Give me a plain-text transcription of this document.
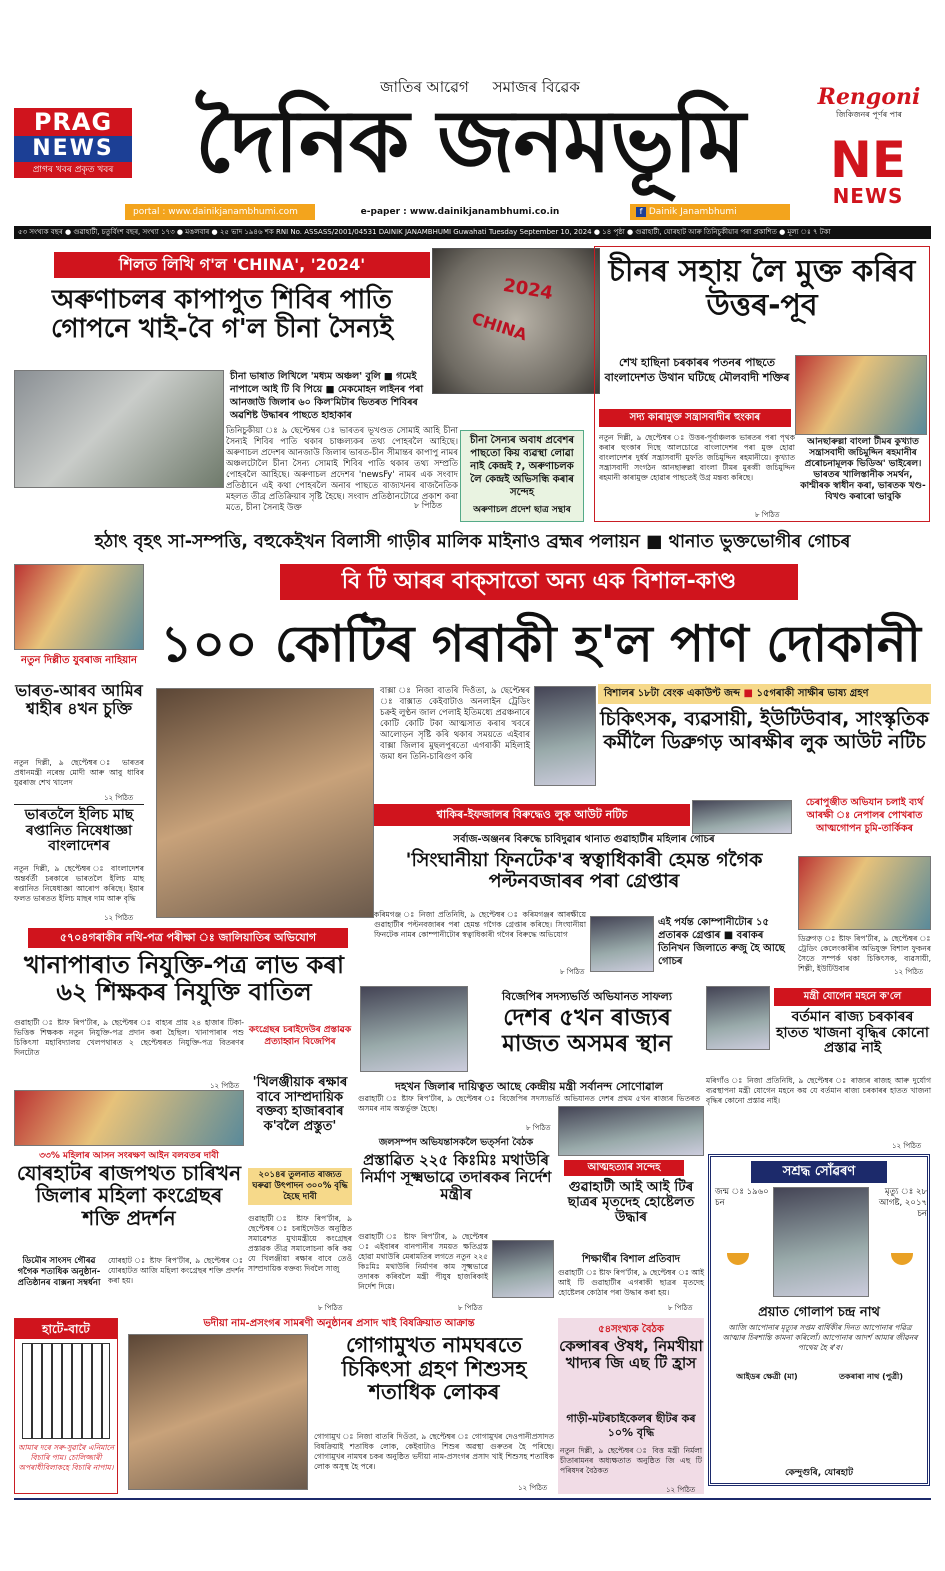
PRAG
NEWS
প্ৰাগৰ খবৰ প্ৰকৃত খবৰ
জাতিৰ আৱেগ সমাজৰ বিৱেক
দৈনিক জনমভূমি	Rengoni
জিকিজনৰ পূৰ্ণৰ পাৰ
NE
NEWS
portal : www.dainikjanambhumi.com	e-paper : www.dainikjanambhumi.co.in	f Dainik Janambhumi
৫৩ সংখ্যক বছৰ ● গুৱাহাটী, চতুৰ্বিংশ বছৰ, সংখ্যা ১৭৩ ● মঙলবাৰ ● ২৫ ভাদ ১৯৪৬ শক RNI No. ASSASS/2001/04531 DAINIK JANAMBHUMI Guwahati Tuesday September 10, 2024 ● ১৪ পৃষ্ঠা ● গুৱাহাটী, যোৰহাট আৰু তিনিচুকীয়াৰ পৰা প্ৰকাশিত ● মূল্য ঃ ৭ টকা
শিলত লিখি গ'ল 'CHINA', '2024'
অৰুণাচলৰ কাপাপুত শিবিৰ পাতি গোপনে খাই-বৈ গ'ল চীনা সৈন্যই	CHINA
2024
চীনা ভাষাত লিখিলে 'মধ্যম অঞ্চল' বুলি ■ গমেই নাপালে আই টি বি পিয়ে ■ মেকমোহন লাইনৰ পৰা আনজাউ জিলাৰ ৬০ কিল'মিটাৰ ভিতৰত শিবিৰৰ অৱশিষ্ট উদ্ধাৰৰ পাছতে হাহাকাৰ
তিনিচুকীয়া ঃ ৯ ছেপ্টেম্বৰ ঃ ভাৰতৰ ভূখণ্ডত সোমাই আহি চীনা সৈন্যই শিবিৰ পাতি থকাৰ চাঞ্চল্যকৰ তথ্য পোহৰলৈ আহিছে। অৰুণাচল প্ৰদেশৰ আনজাউ জিলাৰ ভাৰত-চীন সীমান্তৰ কাপাপু নামৰ অঞ্চলটোলৈ চীনা সৈন্য সোমাই শিবিৰ পাতি থকাৰ তথ্য সম্প্ৰতি পোহৰলৈ আহিছে। অৰুণাচল প্ৰদেশৰ 'newsFy' নামৰ এক সংবাদ প্ৰতিষ্ঠানে এই কথা পোহৰলৈ অনাৰ পাছতে ৰাজ্যখনৰ ৰাজনৈতিক মহলত তীব্ৰ প্ৰতিক্ৰিয়াৰ সৃষ্টি হৈছে। সংবাদ প্ৰতিষ্ঠানটোৱে প্ৰকাশ কৰা মতে, চীনা সৈন্যই উক্ত	৮ পিঠিত
চীনা সৈন্যৰ অবাধ প্ৰবেশৰ পাছতো কিয় ব্যৱস্থা লোৱা নাই কেন্দ্ৰই ?, অৰুণাচলক লৈ কেন্দ্ৰই অভিসন্ধি কৰাৰ সন্দেহ
অৰুণাচল প্ৰদেশ ছাত্ৰ সন্থাৰ
চীনৰ সহায় লৈ মুক্ত কৰিব উত্তৰ-পূব
শেখ হাছিনা চৰকাৰৰ পতনৰ পাছতে বাংলাদেশত উথান ঘটিছে মৌলবাদী শক্তিৰ
সদ্য কাৰামুক্ত সন্ত্ৰাসবাদীৰ হুংকাৰ
নতুন দিল্লী, ৯ ছেপ্টেম্বৰ ঃ উত্তৰ-পূৰ্বাঞ্চলক ভাৰতৰ পৰা পৃথক কৰাৰ হুংকাৰ দিছে আলচোৱে বাংলাদেশৰ পৰা মুক্ত হোৱা বাংলাদেশৰ দুৰ্ধৰ্ষ সন্ত্ৰাসবাদী মুফতি জচিমুদ্দিন ৰহমানীয়ে। কুখ্যাত সন্ত্ৰাসবাদী সংগঠন আনছাৰুল্লা বাংলা টীমৰ মুৰব্বী জচিমুদ্দিন ৰহমানী কাৰামুক্ত হোৱাৰ পাছতেই উগ্ৰ মন্তব্য কৰিছে।
আনছাৰুল্লা বাংলা টীমৰ কুখ্যাত সন্ত্ৰাসবাদী জচিমুদ্দিন ৰহমানীৰ প্ৰৰোচনামূলক ভিডিঅ' ভাইৰেল। ভাৰতৰ খালিস্তানীক সমৰ্থন, কাশ্মীৰক স্বাধীন কৰা, ভাৰতক খণ্ড-বিখণ্ড কৰাৰো ভাবুকি
৮ পিঠিত
হঠাৎ বৃহৎ সা-সম্পত্তি, বহুকেইখন বিলাসী গাড়ীৰ মালিক মাইনাও ব্ৰহ্মৰ পলায়ন ■ থানাত ভুক্তভোগীৰ গোচৰ
বি টি আৰৰ বাক্‌সাতো অন্য এক বিশাল-কাণ্ড
১০০ কোটিৰ গৰাকী হ'ল পাণ দোকানী
বাক্সা ঃ নিজা বাতৰি দিওঁতা, ৯ ছেপ্টেম্বৰ ঃ বাক্সাত কেইবাটাও অনলাইন ট্ৰেডিং চক্ৰই লুণ্ঠন জাল পেলাই ইতিমধ্যে প্ৰৱঞ্চনাৰে কোটি কোটি টকা আত্মসাত কৰাৰ খবৰে আলোড়ন সৃষ্টি কৰি থকাৰ সময়তে এইবাৰ বাক্সা জিলাৰ মুছলপুৰতো এগৰাকী মহিলাই জমা ধন তিনি-চাৰিগুণ কৰি
বিশালৰ ১৮টা বেংক একাউণ্ট জব্দ ■ ১৫গৰাকী সাক্ষীৰ ভাষ্য গ্ৰহণ
চিকিৎসক, ব্যৱসায়ী, ইউটিউবাৰ, সাংস্কৃতিক কৰ্মীলৈ ডিব্ৰুগড় আৰক্ষীৰ লুক আউট নটিচ
নতুন দিল্লীত যুবৰাজ নাহিয়ান
ভাৰত-আৰব আমিৰ শ্বাহীৰ ৪খন চুক্তি
নতুন দিল্লী, ৯ ছেপ্টেম্বৰ ঃ ভাৰতৰ প্ৰধানমন্ত্ৰী নৰেন্দ্ৰ মোদী আৰু আবু ধাবিৰ যুৱৰাজ শেখ খালেদ
১২ পিঠিত
ভাৰতলৈ ইলিচ মাছ ৰপ্তানিত নিষেধাজ্ঞা বাংলাদেশৰ
নতুন দিল্লী, ৯ ছেপ্টেম্বৰ ঃ বাংলাদেশৰ অন্তৰ্বৰ্তী চৰকাৰে ভাৰতলৈ ইলিচ মাছ ৰপ্তানিত নিষেধাজ্ঞা আৰোপ কৰিছে। ইয়াৰ ফলত ভাৰতত ইলিচ মাছৰ দাম আৰু বৃদ্ধি
১২ পিঠিত
শ্বাকিৰ-ইফজালৰ বিৰুদ্ধেও লুক আউট নটিচ
সৰ্বাজ-অঞ্জনৰ বিৰুদ্ধে চাবিদুৱাৰ থানাত গুৱাহাটীৰ মহিলাৰ গোচৰ
'সিংঘানীয়া ফিনটেক'ৰ স্বত্বাধিকাৰী হেমন্ত গগৈক পল্টনবজাৰৰ পৰা গ্ৰেপ্তাৰ
কৰিমগঞ্জ ঃ নিজা প্ৰতিনিধি, ৯ ছেপ্টেম্বৰ ঃ কৰিমগঞ্জৰ আৰক্ষীয়ে গুৱাহাটীৰ পল্টনবজাৰৰ পৰা হেমন্ত গগৈক গ্ৰেপ্তাৰ কৰিছে। সিংঘানীয়া ফিনটেক নামৰ কোম্পানীটোৰ স্বত্বাধিকাৰী গগৈৰ বিৰুদ্ধে অভিযোগ
৮ পিঠিত
এই পৰ্যন্ত কোম্পানীটোৰ ১৫ প্ৰতাৰক গ্ৰেপ্তাৰ ■ বৰাকৰ তিনিখন জিলাতে ৰুজু হৈ আছে গোচৰ
চেৰাপুঞ্জীত অভিযান চলাই ব্যৰ্থ আৰক্ষী ঃ নেপালৰ পোখৰাত আত্মগোপন চুমি-তাৰ্কিকৰ
ডিব্ৰুগড় ঃ ষ্টাফ ৰিপ'ৰ্টাৰ, ৯ ছেপ্টেম্বৰ ঃ ট্ৰেডিং কেলেংকাৰীৰ অভিযুক্ত বিশাল ফুকনৰ সৈতে সম্পৰ্ক থকা চিকিৎসক, ব্যৱসায়ী, শিল্পী, ইউটিউবাৰ	১২ পিঠিত
৫৭০৪গৰাকীৰ নথি-পত্ৰ পৰীক্ষা ঃ জালিয়াতিৰ অভিযোগ
খানাপাৰাত নিযুক্তি-পত্ৰ লাভ কৰা ৬২ শিক্ষকৰ নিযুক্তি বাতিল
গুৱাহাটী ঃ ষ্টাফ ৰিপ'ৰ্টাৰ, ৯ ছেপ্টেম্বৰ ঃ বাহ্যৰ প্ৰায় ২৪ হাজাৰ টিকা-ভিত্তিক শিক্ষকক নতুন নিযুক্তি-পত্ৰ প্ৰদান কৰা হৈছিল। খানাপাৰাৰ পশু চিকিৎসা মহাবিদ্যালয় খেলপথাৰত ২ ছেপ্টেম্বৰত নিযুক্তি-পত্ৰ বিতৰণৰ দিনটোত
১২ পিঠিত
কংগ্ৰেছৰ চৰাইদেউৰ প্ৰস্তাৱক প্ৰত্যাহ্বান বিজেপিৰ
'খিলঞ্জীয়াক ৰক্ষাৰ বাবে সাম্প্ৰদায়িক বক্তব্য হাজাৰবাৰ ক'বলৈ প্ৰস্তুত'
২০১৪ৰ তুলনাত ৰাজ্যত ঘৰুৱা উৎপাদন ৩০০% বৃদ্ধি হৈছে দাবী
গুৱাহাটী ঃ ষ্টাফ ৰিপ'ৰ্টাৰ, ৯ ছেপ্টেম্বৰ ঃ চৰাইদেউত অনুষ্ঠিত সমাৱেশত মুখ্যমন্ত্ৰীয়ে কংগ্ৰেছৰ প্ৰস্তাৱক তীব্ৰ সমালোচনা কৰি কয় যে খিলঞ্জীয়া ৰক্ষাৰ বাবে তেওঁ সাম্প্ৰদায়িক বক্তব্য দিবলৈ সাজু
৮ পিঠিত
৩৩% মহিলাৰ আসন সংৰক্ষণ আইন বলবতৰ দাবী
যোৰহাটৰ ৰাজপথত চাৰিখন জিলাৰ মহিলা কংগ্ৰেছৰ শক্তি প্ৰদৰ্শন
ডিমৌৰ সাংসদ গৌৰৱ গগৈক শতাধিক অনুষ্ঠান-প্ৰতিষ্ঠানৰ বাক্সনা সম্বৰ্ধনা
যোৰহাট ঃ ষ্টাফ ৰিপ'ৰ্টাৰ, ৯ ছেপ্টেম্বৰ ঃ যোৰহাটত আজি মহিলা কংগ্ৰেছৰ শক্তি প্ৰদৰ্শন কৰা হয়।
বিজেপিৰ সদস্যভৰ্তি অভিযানত সাফল্য
দেশৰ ৫খন ৰাজ্যৰ মাজত অসমৰ স্থান
দহখন জিলাৰ দায়িত্বত আছে কেন্দ্ৰীয় মন্ত্ৰী সৰ্বানন্দ সোণোৱাল
গুৱাহাটী ঃ ষ্টাফ ৰিপ'ৰ্টাৰ, ৯ ছেপ্টেম্বৰ ঃ বিজেপিৰ সদস্যভৰ্তি অভিযানত দেশৰ প্ৰথম ৫খন ৰাজ্যৰ ভিতৰত অসমৰ নাম অন্তৰ্ভুক্ত হৈছে।
৮ পিঠিত
মন্ত্ৰী যোগেন মহনে ক'লে
বৰ্তমান ৰাজ্য চৰকাৰৰ হাতত খাজনা বৃদ্ধিৰ কোনো প্ৰস্তাৱ নাই
মৰিগাঁও ঃ নিজা প্ৰতিনিধি, ৯ ছেপ্টেম্বৰ ঃ ৰাজ্যৰ ৰাজহ আৰু দুৰ্যোগ ব্যৱস্থাপনা মন্ত্ৰী যোগেন মহনে কয় যে বৰ্তমান ৰাজ্য চৰকাৰৰ হাতত খাজনা বৃদ্ধিৰ কোনো প্ৰস্তাৱ নাই।
১২ পিঠিত
জলসম্পদ অভিযন্তাসকলৈ ভৰ্ত্সনা বৈঠক
প্ৰস্তাৱিত ২২৫ কিঃমিঃ মথাউৰি নিৰ্মাণ সূক্ষ্মভাৱে তদাৰকৰ নিৰ্দেশ মন্ত্ৰীৰ
গুৱাহাটী ঃ ষ্টাফ ৰিপ'ৰ্টাৰ, ৯ ছেপ্টেম্বৰ ঃ এইবাৰৰ বানপানীৰ সময়ত ক্ষতিগ্ৰস্ত হোৱা মথাউৰি মেৰামতিৰ লগতে নতুন ২২৫ কিঃমিঃ মথাউৰি নিৰ্মাণৰ কাম সূক্ষ্মভাৱে তদাৰক কৰিবলৈ মন্ত্ৰী পীযুষ হাজৰিকাই নিৰ্দেশ দিয়ে।
৮ পিঠিত
আত্মহত্যাৰ সন্দেহ
গুৱাহাটী আই আই টিৰ ছাত্ৰৰ মৃতদেহ হোষ্টেলত উদ্ধাৰ
শিক্ষাৰ্থীৰ বিশাল প্ৰতিবাদ
গুৱাহাটী ঃ ষ্টাফ ৰিপ'ৰ্টাৰ, ৯ ছেপ্টেম্বৰ ঃ আই আই টি গুৱাহাটীৰ এগৰাকী ছাত্ৰৰ মৃতদেহ হোষ্টেলৰ কোঠাৰ পৰা উদ্ধাৰ কৰা হয়।
৮ পিঠিত
হাটে-বাটে
আমাৰ দৰে সৰু-সুৱাৰৈ এনিমানে বিচাৰি পাম। চোলিজ্জাৰী অপৰাধীবিলাকহে বিচাৰি নাপাম।
ভদীয়া নাম-প্ৰসংগৰ সামৰণী অনুষ্ঠানৰ প্ৰসাদ খাই বিষক্ৰিয়াত আক্ৰান্ত
গোগামুখত নামঘৰতে চিকিৎসা গ্ৰহণ শিশুসহ শতাধিক লোকৰ
গোগামুখ ঃ নিজা বাতৰি দিওঁতা, ৯ ছেপ্টেম্বৰ ঃ গোগামুখৰ দেওপানীপ্ৰসাদত বিষক্ৰিয়াই শতাধিক লোক, কেইবাটাও শিশুৰ অৱস্থা গুৰুতৰ হৈ পৰিছে। গোগামুখৰ নামঘৰ চকৰ অনুষ্ঠিত ভদীয়া নাম-প্ৰসংগৰ প্ৰসাদ খাই শিশুসহ শতাধিক লোক অসুস্থ হৈ পৰে।
১২ পিঠিত
৫৪সংখ্যক বৈঠক
কেন্সাৰৰ ঔষধ, নিমখীয়া খাদ্যৰ জি এছ টি হ্ৰাস
গাড়ী-মটৰচাইকেলৰ ছীটৰ কৰ ১০% বৃদ্ধি
নতুন দিল্লী, ৯ ছেপ্টেম্বৰ ঃ বিত্ত মন্ত্ৰী নিৰ্মলা চীতাৰামনৰ অধ্যক্ষতাত অনুষ্ঠিত জি এছ টি পৰিষদৰ বৈঠকত
১২ পিঠিত
সশ্ৰদ্ধ সোঁৱৰণ
জন্ম ঃ ১৯৬০ চন
মৃত্যু ঃ ২৮ আগষ্ট, ২০১৭ চন
প্ৰয়াত গোলাপ চন্দ্ৰ নাথ
আজি আপোনাৰ মৃত্যুৰ সপ্তম বাৰ্ষিকীৰ দিনত আপোনাৰ পৱিত্ৰ আত্মাৰ চিৰশান্তি কামনা কৰিলোঁ। আপোনাৰ আদৰ্শ আমাৰ জীৱনৰ পাথেয় হৈ ৰ'ব।
আইডৰ ক্ষেত্ৰী (মা)	তকৰাৰা নাথ (পুত্ৰী)
কেন্দুগুৰি, যোৰহাট
